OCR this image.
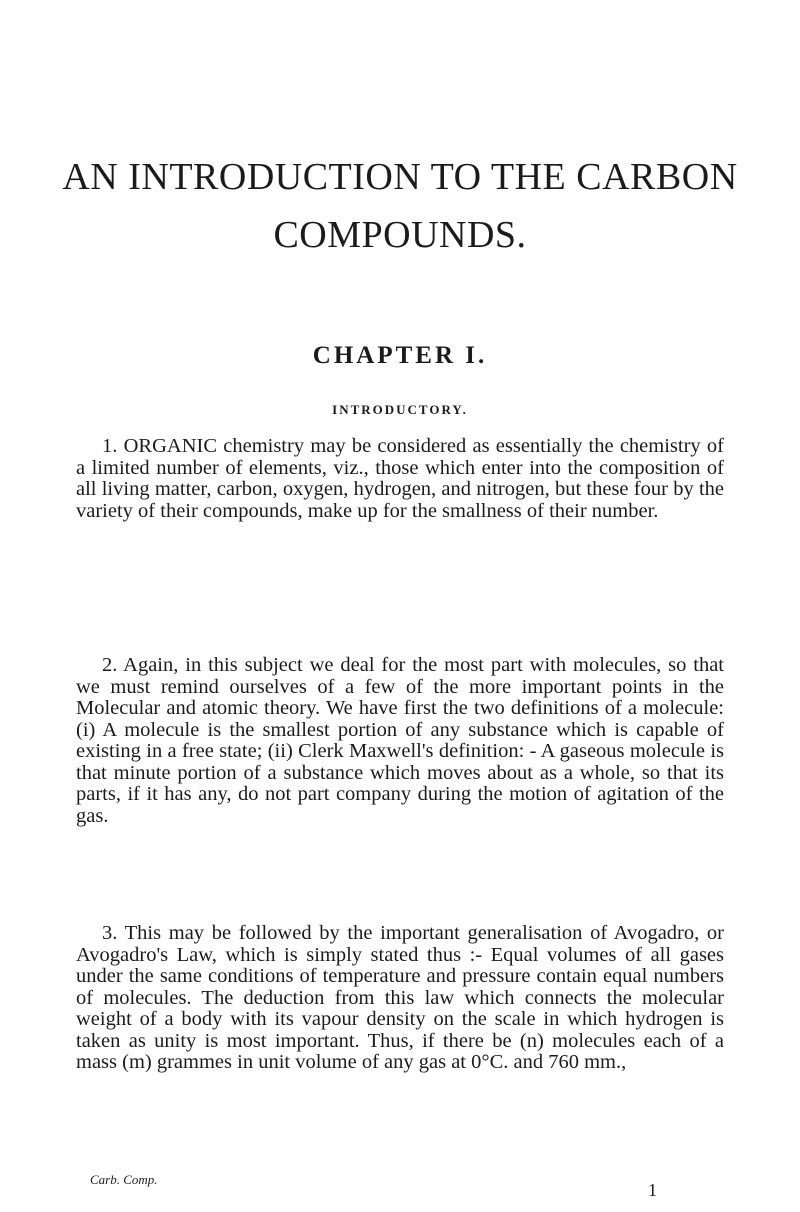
AN INTRODUCTION TO THE CARBON COMPOUNDS.
CHAPTER I.
INTRODUCTORY.

1. ORGANIC chemistry may be considered as essentially the chemistry of a limited number of elements, viz., those which enter into the composition of all living matter, carbon, oxygen, hydrogen, and nitrogen, but these four by the variety of their compounds, make up for the smallness of their number.

2. Again, in this subject we deal for the most part with molecules, so that we must remind ourselves of a few of the more important points in the Molecular and atomic theory. We have first the two definitions of a molecule: (i) A molecule is the smallest portion of any substance which is capable of existing in a free state; (ii) Clerk Maxwell's definition: - A gaseous molecule is that minute portion of a substance which moves about as a whole, so that its parts, if it has any, do not part company during the motion of agitation of the gas.

3. This may be followed by the important generalisation of Avogadro, or Avogadro's Law, which is simply stated thus :- Equal volumes of all gases under the same conditions of temperature and pressure contain equal numbers of molecules. The deduction from this law which connects the molecular weight of a body with its vapour density on the scale in which hydrogen is taken as unity is most important. Thus, if there be (n) molecules each of a mass (m) grammes in unit volume of any gas at 0°C. and 760 mm.,

Carb. Comp.
1
